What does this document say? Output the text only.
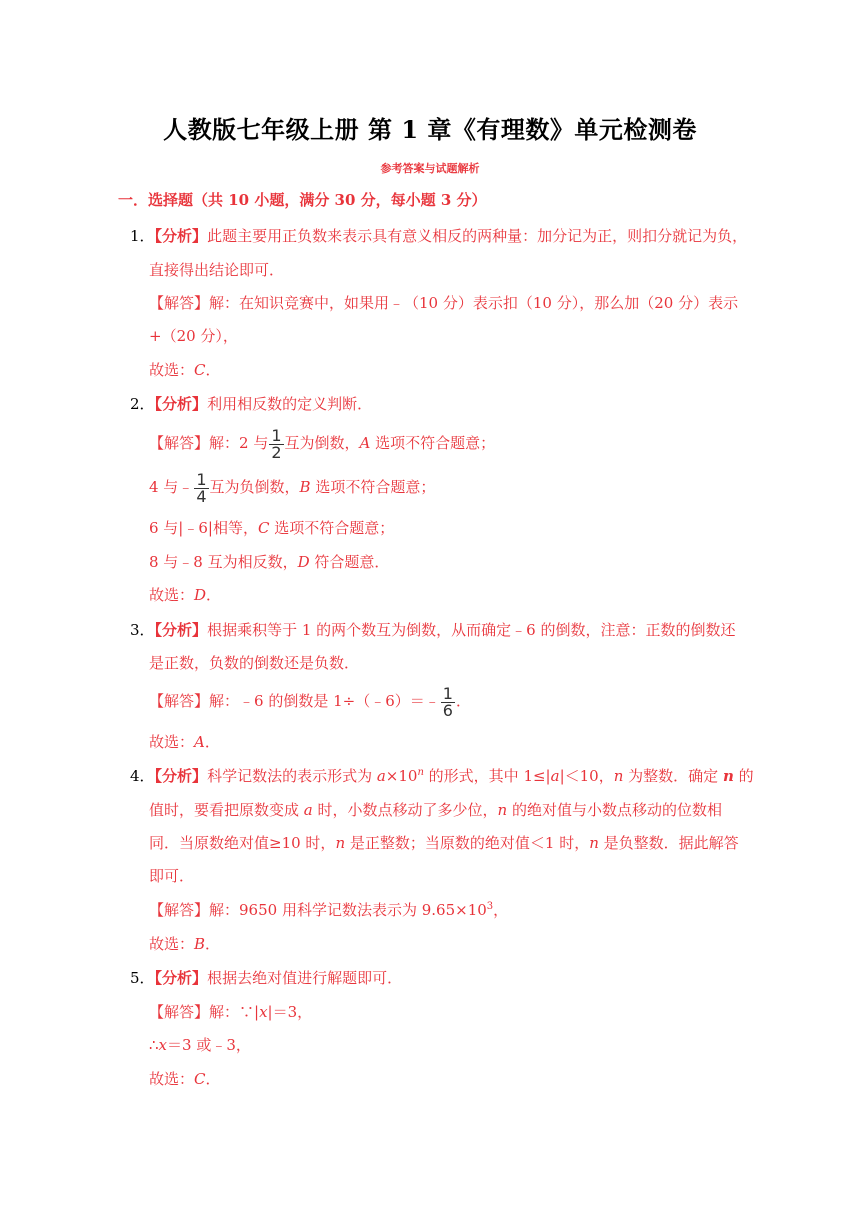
人教版七年级上册 第 1 章《有理数》单元检测卷
参考答案与试题解析
一．选择题（共 10 小题，满分 30 分，每小题 3 分）
1．【分析】此题主要用正负数来表示具有意义相反的两种量：加分记为正，则扣分就记为负，
直接得出结论即可．
【解答】解：在知识竞赛中，如果用﹣（10 分）表示扣（10 分），那么加（20 分）表示
+（20 分），
故选：C．
2．【分析】利用相反数的定义判断．
【解答】解：2 与 $\frac{1}{2}$ 互为倒数，A 选项不符合题意；
4 与﹣ $\frac{1}{4}$ 互为负倒数，B 选项不符合题意；
6 与|﹣6|相等，C 选项不符合题意；
8 与﹣8 互为相反数，D 符合题意．
故选：D．
3．【分析】根据乘积等于 1 的两个数互为倒数，从而确定﹣6 的倒数，注意：正数的倒数还
是正数，负数的倒数还是负数．
【解答】解：﹣6 的倒数是 1÷（﹣6）＝﹣ $\frac{1}{6}$ ．
故选：A．
4．【分析】科学记数法的表示形式为 $a\times 10^n$ 的形式，其中 1≤|a|＜10，n 为整数．确定 n 的
值时，要看把原数变成 a 时，小数点移动了多少位，n 的绝对值与小数点移动的位数相
同．当原数绝对值≥10 时，n 是正整数；当原数的绝对值＜1 时，n 是负整数．据此解答
即可．
【解答】解：9650 用科学记数法表示为 $9.65\times 10^3$，
故选：B．
5．【分析】根据去绝对值进行解题即可．
【解答】解：∵|x|＝3，
∴x＝3 或﹣3，
故选：C．
